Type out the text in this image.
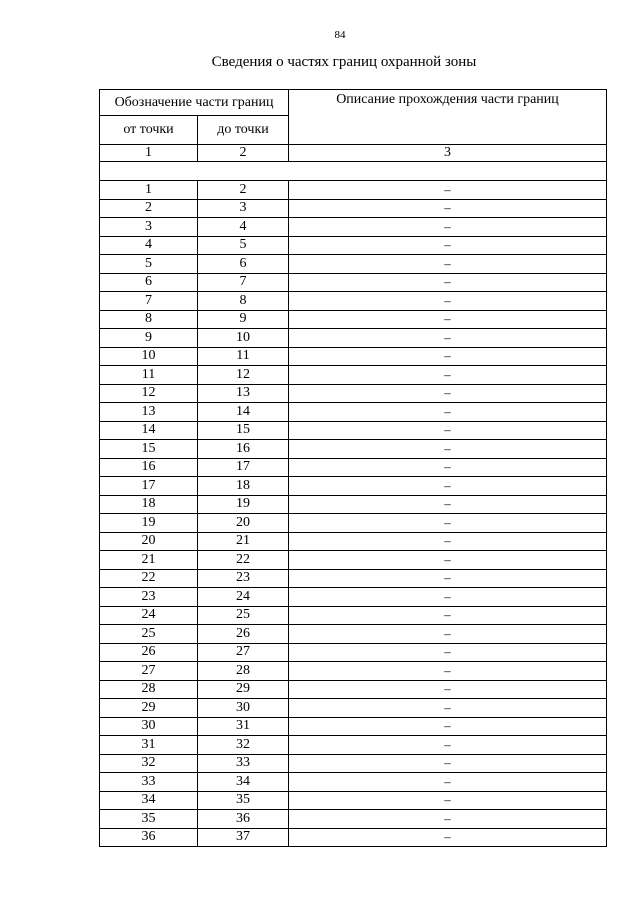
84
Сведения о частях границ охранной зоны
Обозначение части границ		Описание прохождения части границ
от точки	до точки	
1	2	3

1	2	–
2	3	–
3	4	–
4	5	–
5	6	–
6	7	–
7	8	–
8	9	–
9	10	–
10	11	–
11	12	–
12	13	–
13	14	–
14	15	–
15	16	–
16	17	–
17	18	–
18	19	–
19	20	–
20	21	–
21	22	–
22	23	–
23	24	–
24	25	–
25	26	–
26	27	–
27	28	–
28	29	–
29	30	–
30	31	–
31	32	–
32	33	–
33	34	–
34	35	–
35	36	–
36	37	–
